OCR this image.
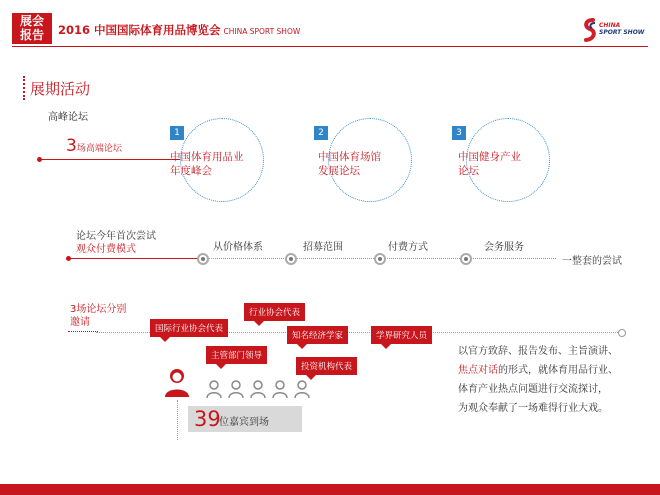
展会
报告	2016 中国国际体育用品博览会 CHINA SPORT SHOW
CHINA
SPORT SHOW
展期活动
高峰论坛
3场高端论坛
1
中国体育用品业
年度峰会
2
中国体育场馆
发展论坛
3
中国健身产业
论坛
论坛今年首次尝试
观众付费模式	从价格体系	招募范围	付费方式	会务服务
一整套的尝试
3场论坛分别
邀请
国际行业协会代表
行业协会代表
知名经济学家	学界研究人员
主管部门领导
投资机构代表
39
位嘉宾到场
以官方致辞、报告发布、主旨演讲、
焦点对话的形式，就体育用品行业、
体育产业热点问题进行交流探讨，
为观众奉献了一场难得行业大戏。
